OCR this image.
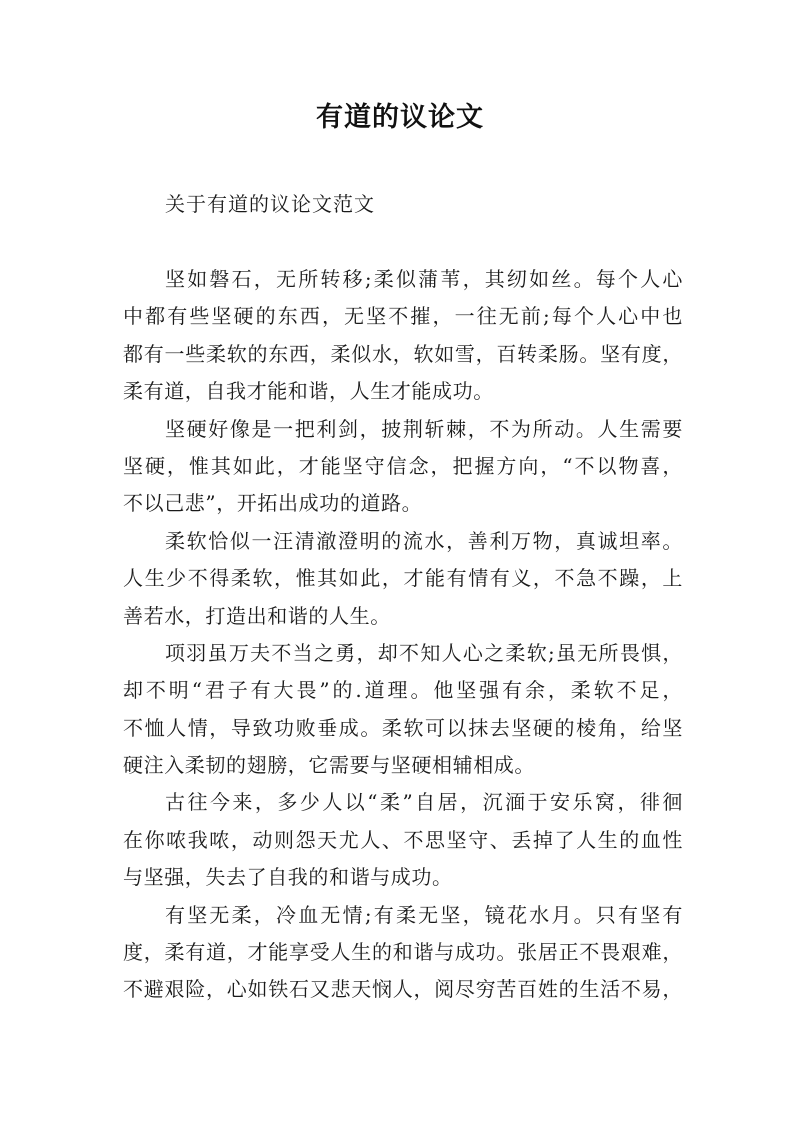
有道的议论文
关于有道的议论文范文
坚如磐石，无所转移;柔似蒲苇，其纫如丝。每个人心
中都有些坚硬的东西，无坚不摧，一往无前;每个人心中也
都有一些柔软的东西，柔似水，软如雪，百转柔肠。坚有度，
柔有道，自我才能和谐，人生才能成功。
坚硬好像是一把利剑，披荆斩棘，不为所动。人生需要
坚硬，惟其如此，才能坚守信念，把握方向，“不以物喜，
不以己悲”，开拓出成功的道路。
柔软恰似一汪清澈澄明的流水，善利万物，真诚坦率。
人生少不得柔软，惟其如此，才能有情有义，不急不躁，上
善若水，打造出和谐的人生。
项羽虽万夫不当之勇，却不知人心之柔软;虽无所畏惧，
却不明“君子有大畏”的.道理。他坚强有余，柔软不足，
不恤人情，导致功败垂成。柔软可以抹去坚硬的棱角，给坚
硬注入柔韧的翅膀，它需要与坚硬相辅相成。
古往今来，多少人以“柔”自居，沉湎于安乐窝，徘徊
在你哝我哝，动则怨天尤人、不思坚守、丢掉了人生的血性
与坚强，失去了自我的和谐与成功。
有坚无柔，冷血无情;有柔无坚，镜花水月。只有坚有
度，柔有道，才能享受人生的和谐与成功。张居正不畏艰难，
不避艰险，心如铁石又悲天悯人，阅尽穷苦百姓的生活不易，
